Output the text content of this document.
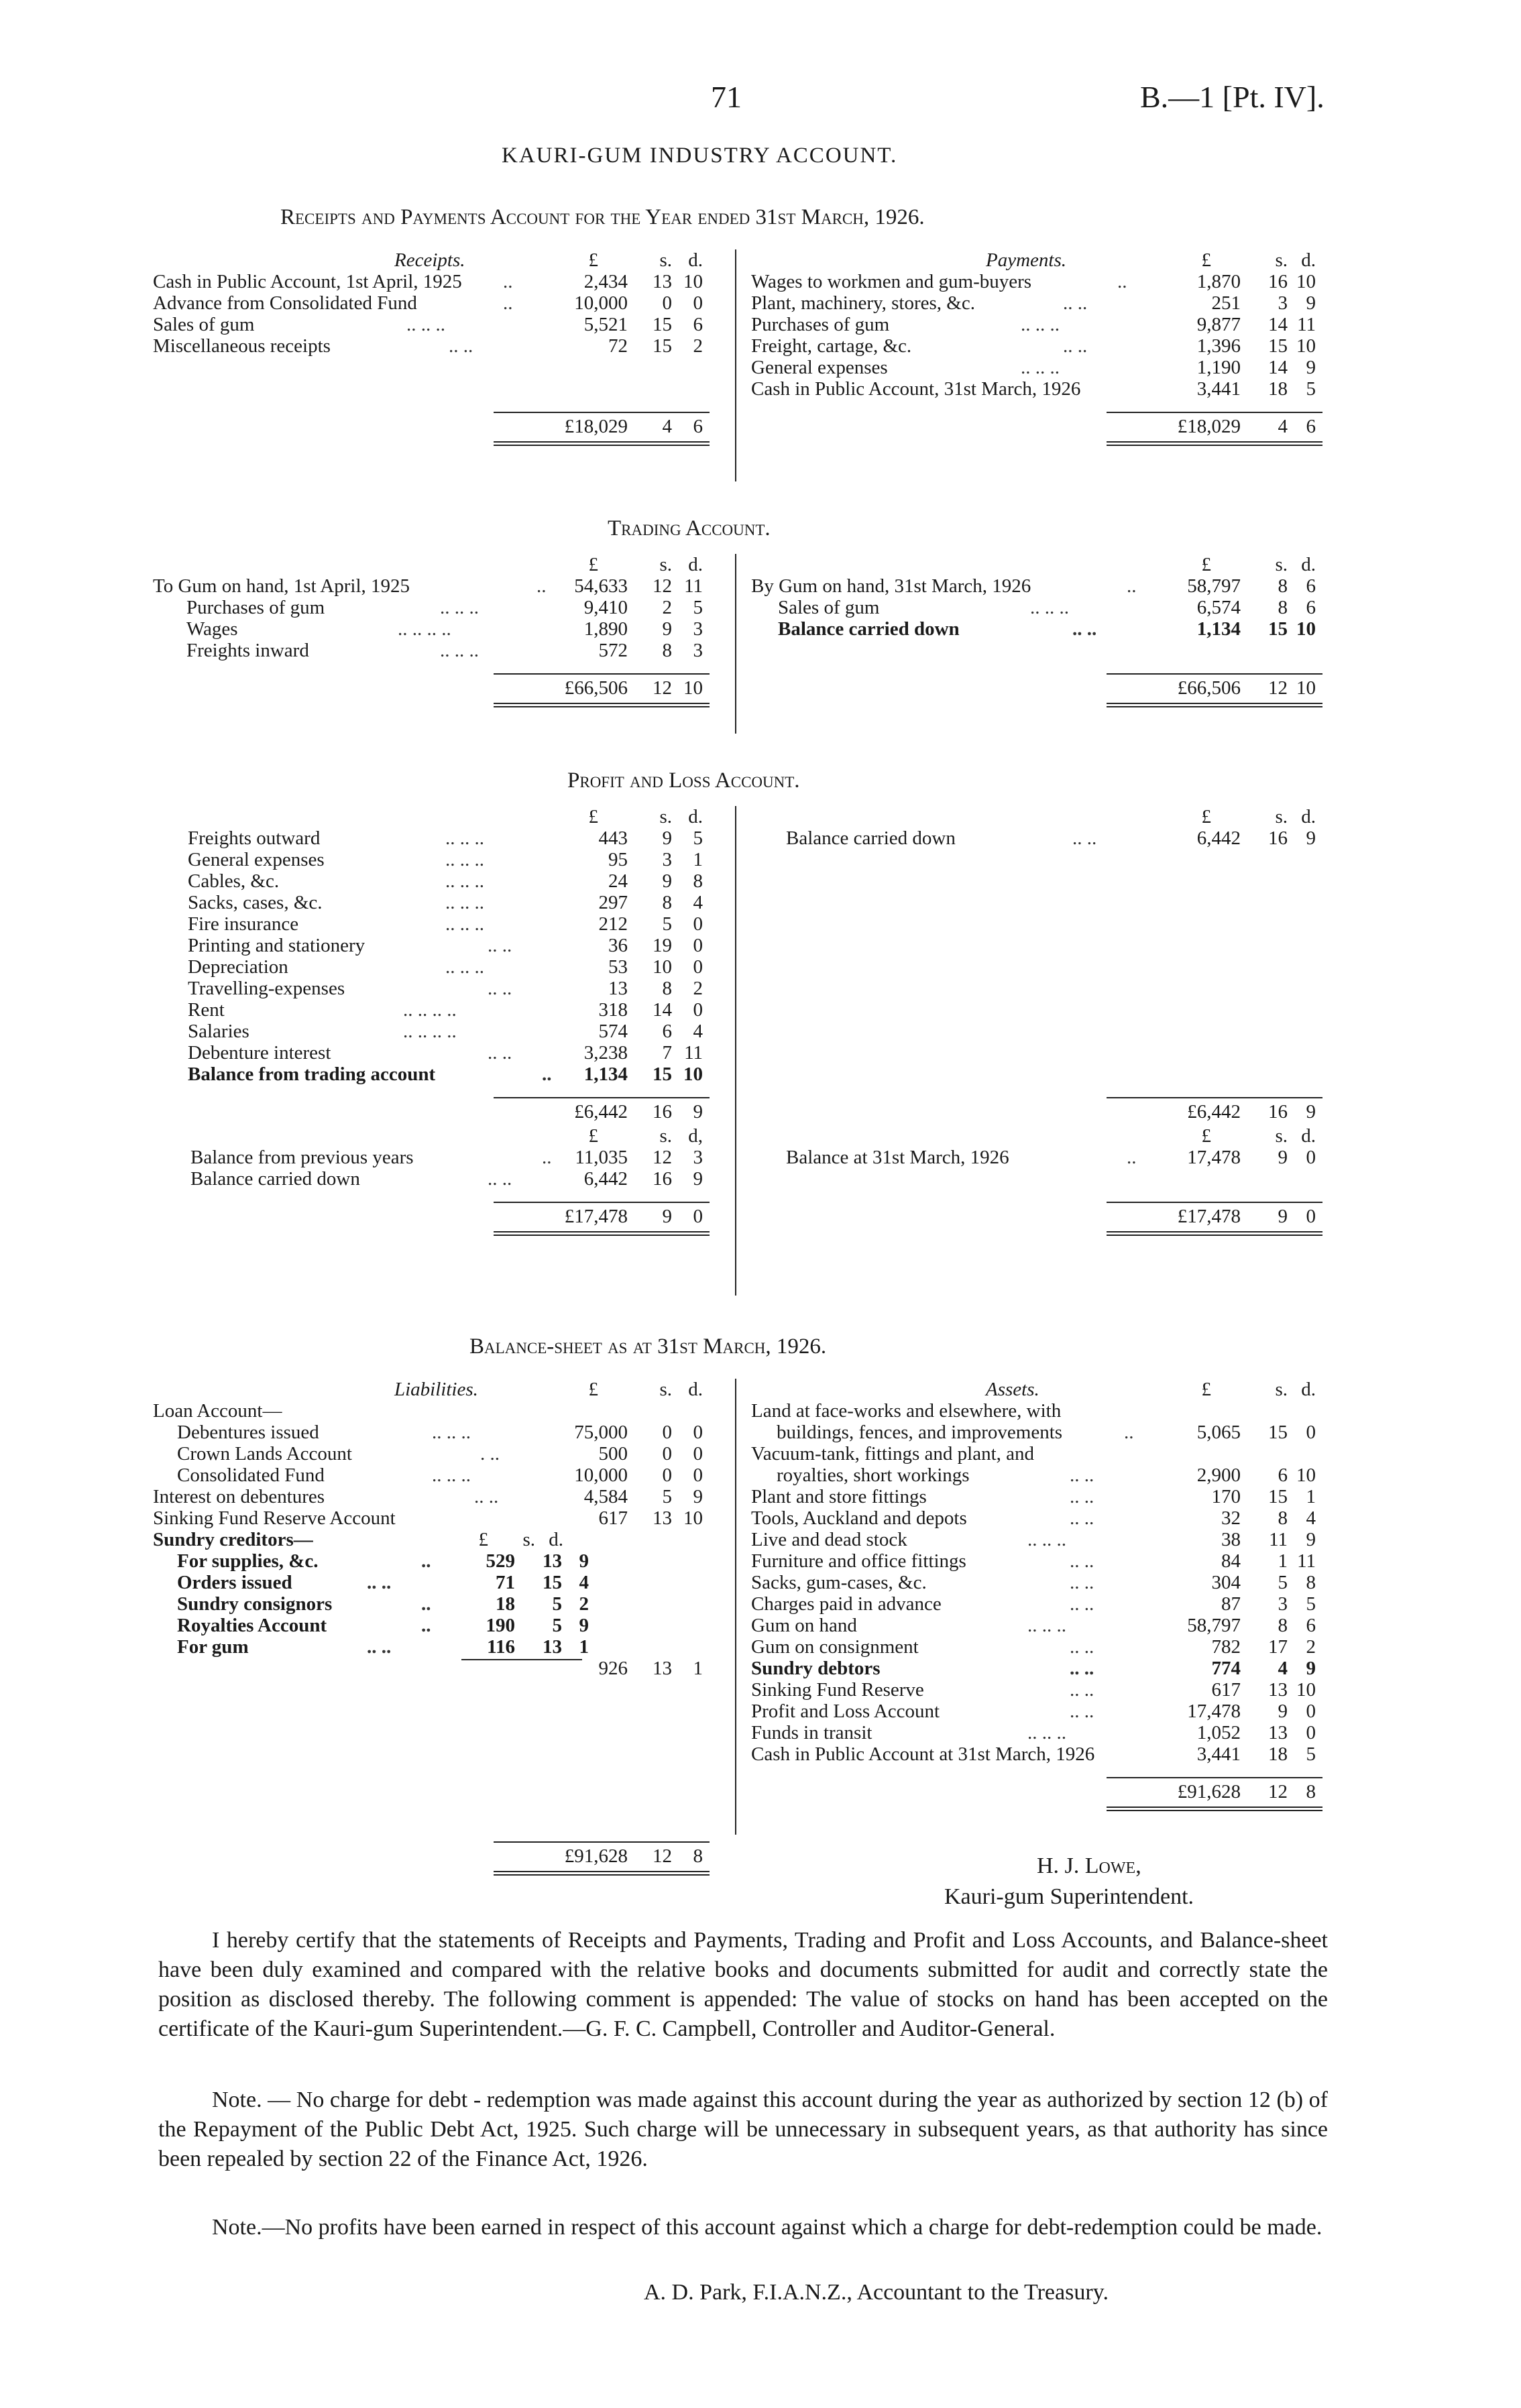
71	B.—1 [Pt. IV].
KAURI-GUM INDUSTRY ACCOUNT.
Receipts and Payments Account for the Year ended 31st March, 1926.
Receipts.	£	s. d.
Cash in Public Account, 1st April, 1925 ..	2,434	13 10
Advance from Consolidated Fund	..	10,000	0	0
Sales of gum	.. .. ..	5,521	15	6
Miscellaneous receipts	.. ..	72	15	2
£18,029	4	6
Payments.	£	s. d.
Wages to workmen and gum-buyers	..	1,870	16 10
Plant, machinery, stores, &c.	.. ..	251	3 9
Purchases of gum	.. .. ..	9,877	14 11
Freight, cartage, &c.	.. ..	1,396	15 10
General expenses	.. .. ..	1,190	14 9
Cash in Public Account, 31st March, 1926	3,441	18 5
£18,029	4 6
Trading Account.
£	s. d.
To Gum on hand, 1st April, 1925	..	54,633	12 11
Purchases of gum	.. .. ..	9,410	2	5
Wages	.. .. .. ..	1,890	9	3
Freights inward	.. .. ..	572	8	3
£66,506	12 10
£	s. d.
By Gum on hand, 31st March, 1926	..	58,797	8 6
Sales of gum	.. .. ..	6,574	8 6
Balance carried down	.. ..	1,134	15 10
£66,506	12 10
Profit and Loss Account.
£	s. d.
Freights outward	.. .. ..	443	9	5
General expenses	.. .. ..	95	3	1
Cables, &c.	.. .. ..	24	9	8
Sacks, cases, &c.	.. .. ..	297	8	4
Fire insurance	.. .. ..	212	5	0
Printing and stationery	.. ..	36	19	0
Depreciation	.. .. ..	53	10	0
Travelling-expenses	.. ..	13	8	2
Rent	.. .. .. ..	318	14	0
Salaries	.. .. .. ..	574	6	4
Debenture interest	.. ..	3,238	7 11
Balance from trading account	..	1,134	15 10
£6,442	16	9
£	s. d,
Balance from previous years	..	11,035	12	3
Balance carried down	.. ..	6,442	16	9
£17,478	9	0
£	s. d.
Balance carried down	.. ..	6,442	16 9
£6,442	16 9
£	s. d.
Balance at 31st March, 1926	..	17,478	9 0
£17,478	9 0
Balance-sheet as at 31st March, 1926.
Liabilities.	£	s. d.
Loan Account—
Debentures issued	.. .. ..	75,000	0	0
Crown Lands Account	. ..	500	0	0
Consolidated Fund	.. .. ..	10,000	0	0
Interest on debentures	.. ..	4,584	5	9
Sinking Fund Reserve Account	617	13 10
Sundry creditors—	£	s. d.
For supplies, &c.	..	529	13 9
Orders issued	.. ..	71	15 4
Sundry consignors	..	18	5 2
Royalties Account	..	190	5 9
For gum	.. ..	116	13 1
926	13	1
£91,628	12	8
Assets.	£	s. d.
Land at face-works and elsewhere, with
buildings, fences, and improvements	..	5,065	15 0
Vacuum-tank, fittings and plant, and
royalties, short workings	.. ..	2,900	6 10
Plant and store fittings	.. ..	170	15 1
Tools, Auckland and depots	.. ..	32	8 4
Live and dead stock	.. .. ..	38	11 9
Furniture and office fittings	.. ..	84	1 11
Sacks, gum-cases, &c.	.. ..	304	5 8
Charges paid in advance	.. ..	87	3 5
Gum on hand	.. .. ..	58,797	8 6
Gum on consignment	.. ..	782	17 2
Sundry debtors	.. ..	774	4 9
Sinking Fund Reserve	.. ..	617	13 10
Profit and Loss Account	.. ..	17,478	9 0
Funds in transit	.. .. ..	1,052	13 0
Cash in Public Account at 31st March, 1926	3,441	18 5
£91,628	12 8
H. J. Lowe,
Kauri-gum Superintendent.
I hereby certify that the statements of Receipts and Payments, Trading and Profit and Loss Accounts, and Balance-sheet have been duly examined and compared with the relative books and documents submitted for audit and correctly state the position as disclosed thereby. The following comment is appended: The value of stocks on hand has been accepted on the certificate of the Kauri-gum Superintendent.—G. F. C. Campbell, Controller and Auditor-General.
Note. — No charge for debt - redemption was made against this account during the year as authorized by section 12 (b) of the Repayment of the Public Debt Act, 1925. Such charge will be unnecessary in subsequent years, as that authority has since been repealed by section 22 of the Finance Act, 1926.
Note.—No profits have been earned in respect of this account against which a charge for debt-redemption could be made.
A. D. Park, F.I.A.N.Z., Accountant to the Treasury.
